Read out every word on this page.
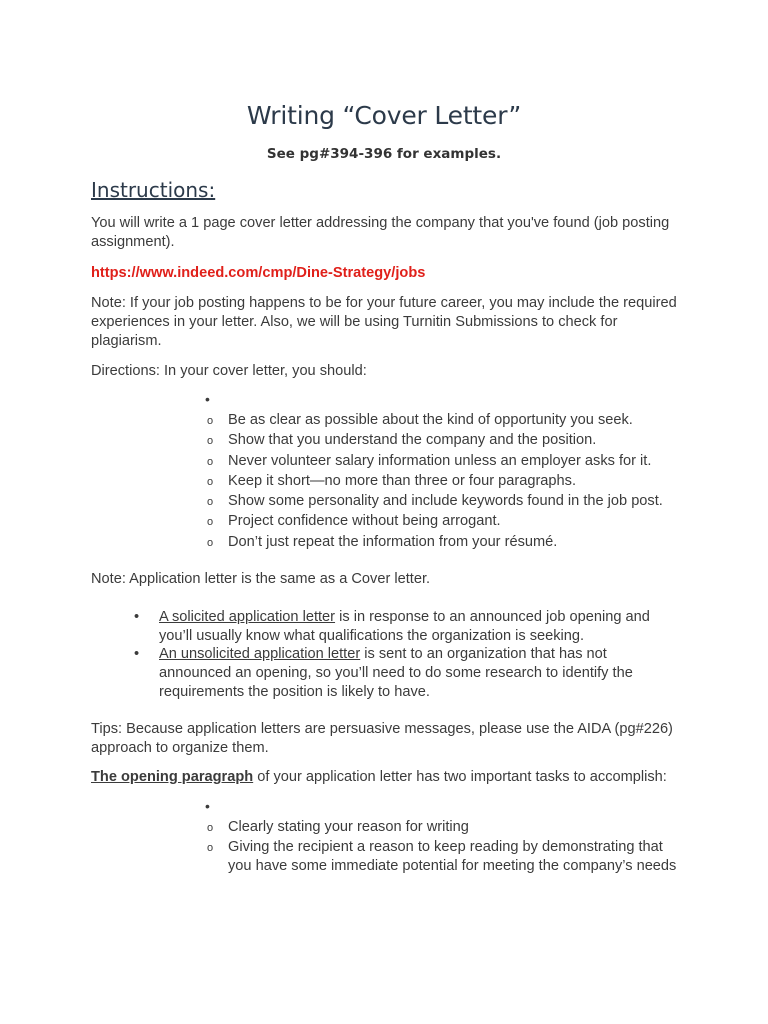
Writing “Cover Letter”
See pg#394-396 for examples.
Instructions:
You will write a 1 page cover letter addressing the company that you've found (job posting assignment).
https://www.indeed.com/cmp/Dine-Strategy/jobs
Note: If your job posting happens to be for your future career, you may include the required experiences in your letter. Also, we will be using Turnitin Submissions to check for plagiarism.
Directions: In your cover letter, you should:
•
o Be as clear as possible about the kind of opportunity you seek.
o Show that you understand the company and the position.
o Never volunteer salary information unless an employer asks for it.
o Keep it short—no more than three or four paragraphs.
o Show some personality and include keywords found in the job post.
o Project confidence without being arrogant.
o Don’t just repeat the information from your résumé.
Note: Application letter is the same as a Cover letter.
• A solicited application letter is in response to an announced job opening and you’ll usually know what qualifications the organization is seeking.
• An unsolicited application letter is sent to an organization that has not announced an opening, so you’ll need to do some research to identify the requirements the position is likely to have.
Tips: Because application letters are persuasive messages, please use the AIDA (pg#226) approach to organize them.
The opening paragraph of your application letter has two important tasks to accomplish:
•
o Clearly stating your reason for writing
o Giving the recipient a reason to keep reading by demonstrating that you have some immediate potential for meeting the company’s needs
